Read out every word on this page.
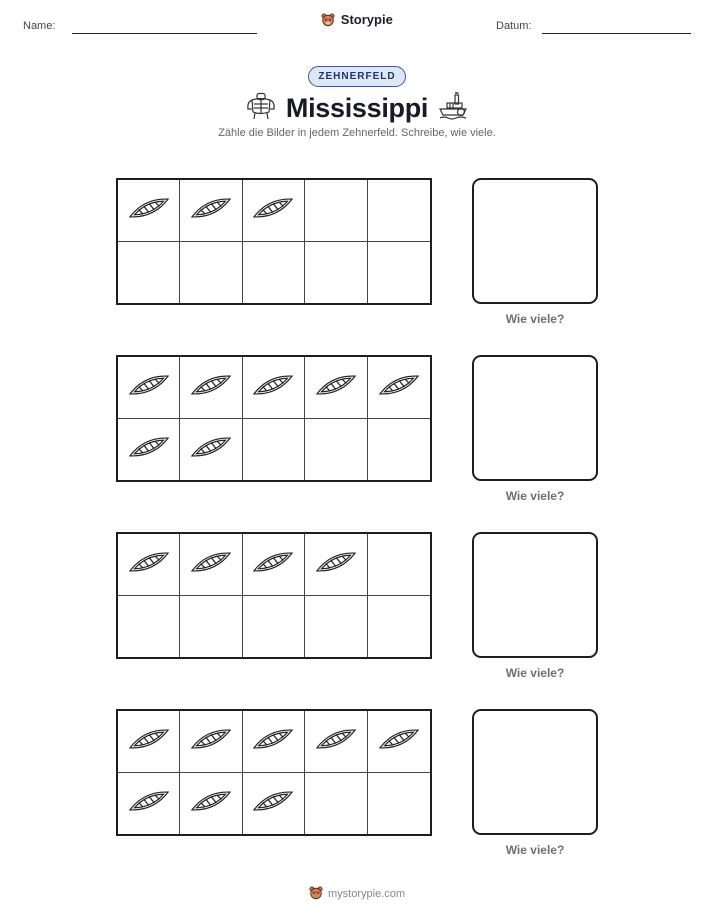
Name:	Storypie	Datum:
ZEHNERFELD
Mississippi
Zähle die Bilder in jedem Zehnerfeld. Schreibe, wie viele.
Wie viele?
Wie viele?
Wie viele?
Wie viele?
mystorypie.com
